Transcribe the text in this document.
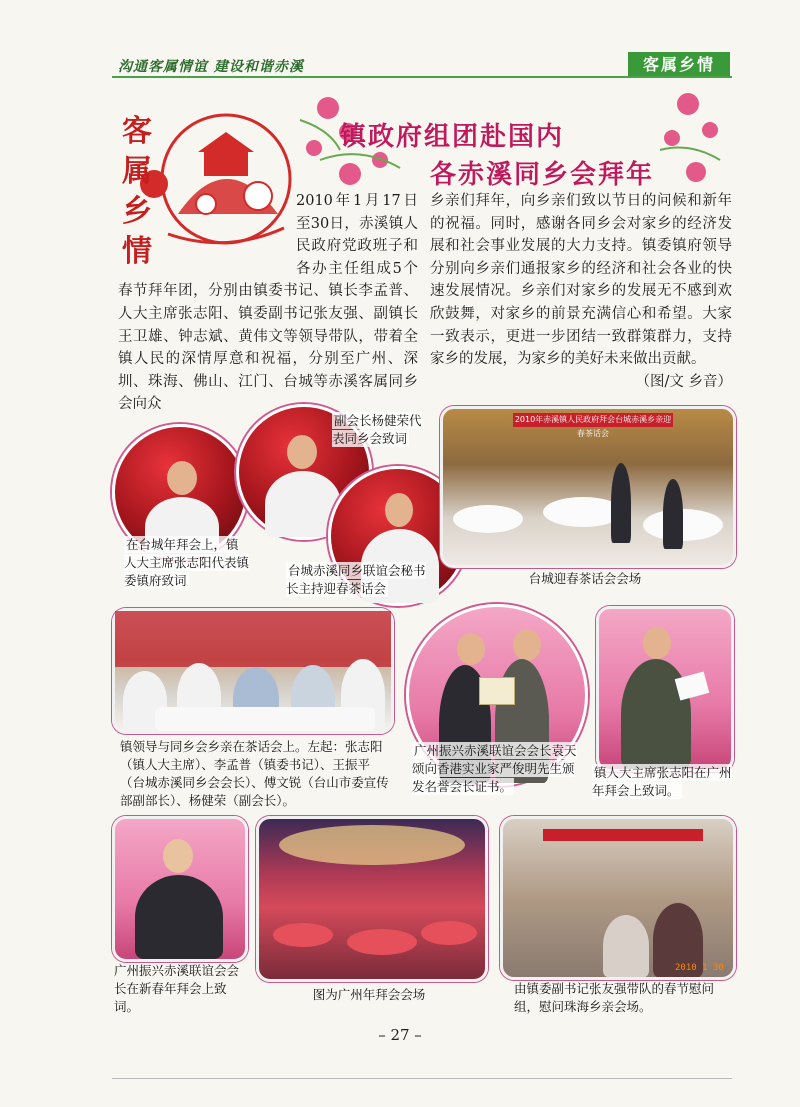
沟通客属情谊 建设和谐赤溪	客属乡情
客属乡情
镇政府组团赴国内
各赤溪同乡会拜年
2010年1月17日至30日，赤溪镇人民政府党政班子和各办主任组成5个春节拜年团，分别由镇委书记、镇长李孟普、人大主席张志阳、镇委副书记张友强、副镇长王卫雄、钟志斌、黄伟文等领导带队，带着全镇人民的深情厚意和祝福，分别至广州、深圳、珠海、佛山、江门、台城等赤溪客属同乡会向众
乡亲们拜年，向乡亲们致以节日的问候和新年的祝福。同时，感谢各同乡会对家乡的经济发展和社会事业发展的大力支持。镇委镇府领导分别向乡亲们通报家乡的经济和社会各业的快速发展情况。乡亲们对家乡的发展无不感到欢欣鼓舞，对家乡的前景充满信心和希望。大家一致表示，更进一步团结一致群策群力，支持家乡的发展，为家乡的美好未来做出贡献。
（图/文 乡音）
在台城年拜会上，镇人大主席张志阳代表镇委镇府致词
副会长杨健荣代表同乡会致词
台城赤溪同乡联谊会秘书长主持迎春茶话会
2010年赤溪镇人民政府拜会台城赤溪乡亲迎春茶话会
台城迎春茶话会会场
镇领导与同乡会乡亲在茶话会上。左起：张志阳（镇人大主席）、李孟普（镇委书记）、王振平（台城赤溪同乡会会长）、傅文锐（台山市委宣传部副部长）、杨健荣（副会长）。
广州振兴赤溪联谊会会长袁天颂向香港实业家严俊明先生颁发名誉会长证书。
镇人大主席张志阳在广州年拜会上致词。
广州振兴赤溪联谊会会长在新春年拜会上致词。
图为广州年拜会会场
2010 1 30
由镇委副书记张友强带队的春节慰问组，慰问珠海乡亲会场。
– 27 –
